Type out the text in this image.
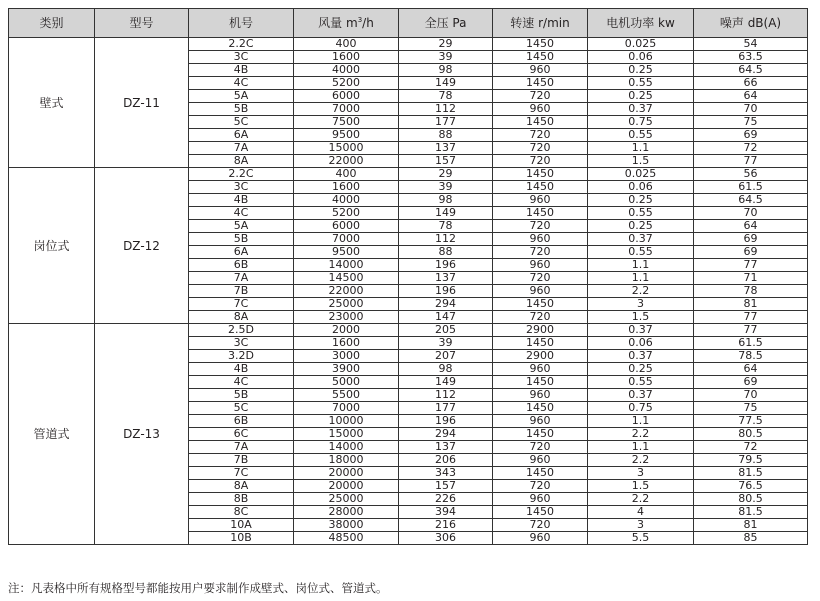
类别	型号	机号	风量 $m^3/h$	全压 Pa	转速 r/min	电机功率 kw	噪声 dB(A)
壁式	DZ-11	2.2C	400	29	1450	0.025	54
		3C	1600	39	1450	0.06	63.5
		4B	4000	98	960	0.25	64.5
		4C	5200	149	1450	0.55	66
		5A	6000	78	720	0.25	64
		5B	7000	112	960	0.37	70
		5C	7500	177	1450	0.75	75
		6A	9500	88	720	0.55	69
		7A	15000	137	720	1.1	72
		8A	22000	157	720	1.5	77
岗位式	DZ-12	2.2C	400	29	1450	0.025	56
		3C	1600	39	1450	0.06	61.5
		4B	4000	98	960	0.25	64.5
		4C	5200	149	1450	0.55	70
		5A	6000	78	720	0.25	64
		5B	7000	112	960	0.37	69
		6A	9500	88	720	0.55	69
		6B	14000	196	960	1.1	77
		7A	14500	137	720	1.1	71
		7B	22000	196	960	2.2	78
		7C	25000	294	1450	3	81
		8A	23000	147	720	1.5	77
管道式	DZ-13	2.5D	2000	205	2900	0.37	77
		3C	1600	39	1450	0.06	61.5
		3.2D	3000	207	2900	0.37	78.5
		4B	3900	98	960	0.25	64
		4C	5000	149	1450	0.55	69
		5B	5500	112	960	0.37	70
		5C	7000	177	1450	0.75	75
		6B	10000	196	960	1.1	77.5
		6C	15000	294	1450	2.2	80.5
		7A	14000	137	720	1.1	72
		7B	18000	206	960	2.2	79.5
		7C	20000	343	1450	3	81.5
		8A	20000	157	720	1.5	76.5
		8B	25000	226	960	2.2	80.5
		8C	28000	394	1450	4	81.5
		10A	38000	216	720	3	81
		10B	48500	306	960	5.5	85
注：凡表格中所有规格型号都能按用户要求制作成壁式、岗位式、管道式。
